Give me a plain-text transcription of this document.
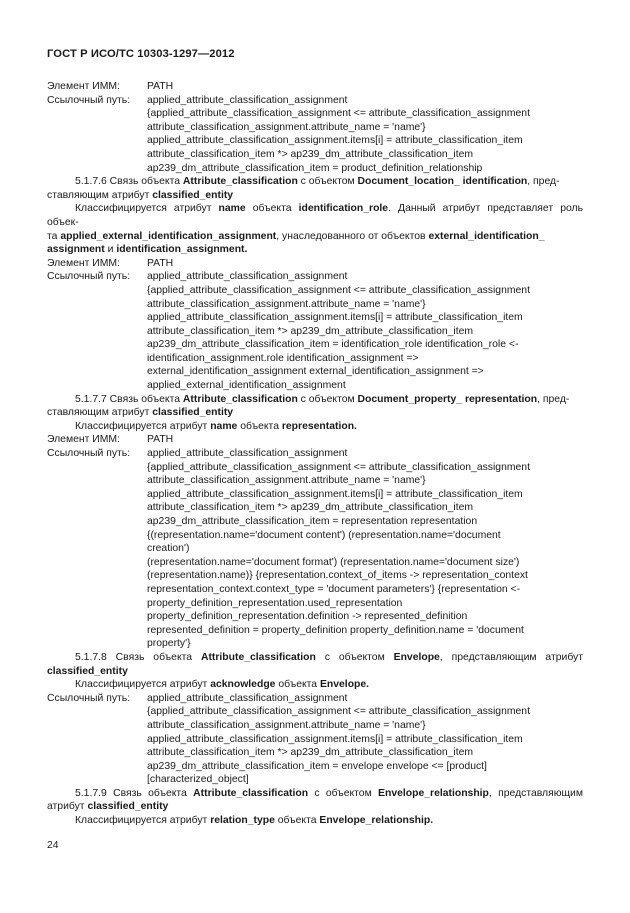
ГОСТ Р ИСО/ТС 10303-1297—2012
Элемент ИММ:	PATH
Ссылочный путь:	applied_attribute_classification_assignment
{applied_attribute_classification_assignment <= attribute_classification_assignment
attribute_classification_assignment.attribute_name = 'name'}
applied_attribute_classification_assignment.items[i] = attribute_classification_item
attribute_classification_item *> ap239_dm_attribute_classification_item
ap239_dm_attribute_classification_item = product_definition_relationship
5.1.7.6 Связь объекта Attribute_classification с объектом Document_location_ identification, пред-
ставляющим атрибут classified_entity
Классифицируется атрибут name объекта identification_role. Данный атрибут представляет роль объек-
та applied_external_identification_assignment, унаследованного от объектов external_identification_
assignment и identification_assignment.
Элемент ИММ:	PATH
Ссылочный путь:	applied_attribute_classification_assignment
{applied_attribute_classification_assignment <= attribute_classification_assignment
attribute_classification_assignment.attribute_name = 'name'}
applied_attribute_classification_assignment.items[i] = attribute_classification_item
attribute_classification_item *> ap239_dm_attribute_classification_item
ap239_dm_attribute_classification_item = identification_role identification_role <-
identification_assignment.role identification_assignment =>
external_identification_assignment external_identification_assignment =>
applied_external_identification_assignment
5.1.7.7 Связь объекта Attribute_classification с объектом Document_property_ representation, пред-
ставляющим атрибут classified_entity
Классифицируется атрибут name объекта representation.
Элемент ИММ:	PATH
Ссылочный путь:	applied_attribute_classification_assignment
{applied_attribute_classification_assignment <= attribute_classification_assignment
attribute_classification_assignment.attribute_name = 'name'}
applied_attribute_classification_assignment.items[i] = attribute_classification_item
attribute_classification_item *> ap239_dm_attribute_classification_item
ap239_dm_attribute_classification_item = representation representation
{(representation.name='document content') (representation.name='document
creation')
(representation.name='document format') (representation.name='document size')
(representation.name)} {representation.context_of_items -> representation_context
representation_context.context_type = 'document parameters'} {representation <-
property_definition_representation.used_representation
property_definition_representation.definition -> represented_definition
represented_definition = property_definition property_definition.name = 'document
property'}
5.1.7.8 Связь объекта Attribute_classification с объектом Envelope, представляющим атрибут
classified_entity
Классифицируется атрибут acknowledge объекта Envelope.
Ссылочный путь:	applied_attribute_classification_assignment
{applied_attribute_classification_assignment <= attribute_classification_assignment
attribute_classification_assignment.attribute_name = 'name'}
applied_attribute_classification_assignment.items[i] = attribute_classification_item
attribute_classification_item *> ap239_dm_attribute_classification_item
ap239_dm_attribute_classification_item = envelope envelope <= [product]
[characterized_object]
5.1.7.9 Связь объекта Attribute_classification с объектом Envelope_relationship, представляющим
атрибут classified_entity
Классифицируется атрибут relation_type объекта Envelope_relationship.
24
